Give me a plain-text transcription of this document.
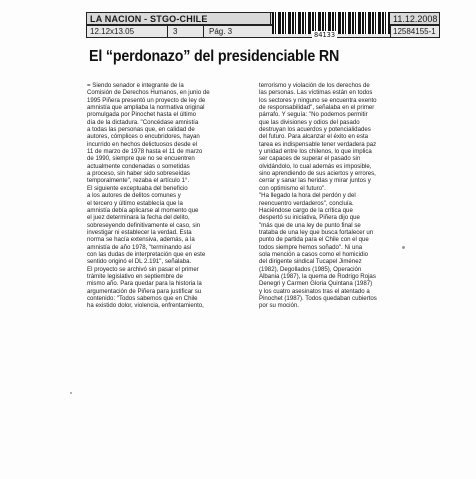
LA NACION - STGO-CHILE	11.12.2008
12.12x13.05	3	Pág. 3	12584155-1
84133
El “perdonazo” del presidenciable RN
= Siendo senador e integrante de la
Comisión de Derechos Humanos, en junio de
1995 Piñera presentó un proyecto de ley de
amnistía que ampliaba la normativa original
promulgada por Pinochet hasta el último
día de la dictadura. "Concédase amnistía
a todas las personas que, en calidad de
autores, cómplices o encubridores, hayan
incurrido en hechos delictuosos desde el
11 de marzo de 1978 hasta el 11 de marzo
de 1990, siempre que no se encuentren
actualmente condenadas o sometidas
a proceso, sin haber sido sobreseídas
temporalmente", rezaba el artículo 1°.
El siguiente exceptuaba del beneficio
a los autores de delitos comunes y
el tercero y último establecía que la
amnistía debía aplicarse al momento que
el juez determinara la fecha del delito,
sobreseyendo definitivamente el caso, sin
investigar ni establecer la verdad. Esta
norma se hacía extensiva, además, a la
amnistía de año 1978, "terminando así
con las dudas de interpretación que en este
sentido originó el DL 2.191", señalaba.
El proyecto se archivó sin pasar el primer
trámite legislativo en septiembre de
mismo año. Para quedar para la historia la
argumentación de Piñera para justificar su
contenido: "Todos sabemos que en Chile
ha existido dolor, violencia, enfrentamiento,
terrorismo y violación de los derechos de
las personas. Las víctimas están en todos
los sectores y ninguno se encuentra exento
de responsabilidad", señalaba en el primer
párrafo. Y seguía: "No podemos permitir
que las divisiones y odios del pasado
destruyan los acuerdos y potencialidades
del futuro. Para alcanzar el éxito en esta
tarea es indispensable tener verdadera paz
y unidad entre los chilenos, lo que implica
ser capaces de superar el pasado sin
olvidándolo, lo cual además es imposible,
sino aprendiendo de sus aciertos y errores,
cerrar y sanar las heridas y mirar juntos y
con optimismo el futuro".
"Ha llegado la hora del perdón y del
reencuentro verdaderos", concluía.
Haciéndose cargo de la crítica que
despertó su iniciativa, Piñera dijo que
"más que de una ley de punto final se
trataba de una ley que busca fortalecer un
punto de partida para el Chile con el que
todos siempre hemos soñado". Ni una
sola mención a casos como el homicidio
del dirigente sindical Tucapel Jiménez
(1982), Degollados (1985), Operación
Albania (1987), la quema de Rodrigo Rojas
Denegri y Carmen Gloria Quintana (1987)
y los cuatro asesinatos tras el atentado a
Pinochet (1987). Todos quedaban cubiertos
por su moción.
